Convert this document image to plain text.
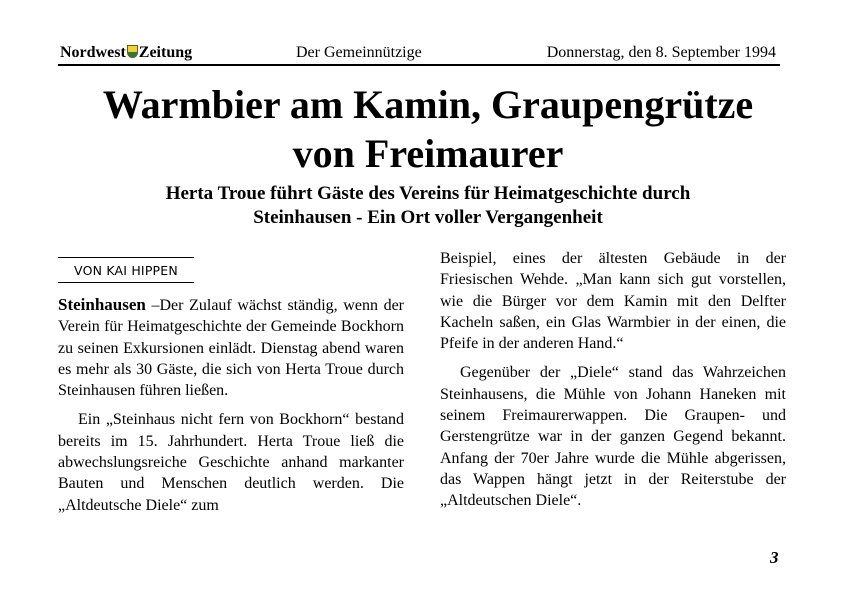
Nordwest Zeitung	Der Gemeinnützige	Donnerstag, den 8. September 1994
Warmbier am Kamin, Graupengrütze
von Freimaurer
Herta Troue führt Gäste des Vereins für Heimatgeschichte durch
Steinhausen - Ein Ort voller Vergangenheit
VON KAI HIPPEN

Steinhausen –Der Zulauf wächst ständig, wenn der Verein für Heimatgeschichte der Gemeinde Bockhorn zu seinen Exkursionen einlädt. Dienstag abend waren es mehr als 30 Gäste, die sich von Herta Troue durch Steinhausen führen ließen.

Ein „Steinhaus nicht fern von Bockhorn“ bestand bereits im 15. Jahrhundert. Herta Troue ließ die abwechslungsreiche Geschichte anhand markanter Bauten und Menschen deutlich werden. Die „Altdeutsche Diele“ zum

Beispiel, eines der ältesten Gebäude in der Friesischen Wehde. „Man kann sich gut vorstellen, wie die Bürger vor dem Kamin mit den Delfter Kacheln saßen, ein Glas Warmbier in der einen, die Pfeife in der anderen Hand.“

Gegenüber der „Diele“ stand das Wahrzeichen Steinhausens, die Mühle von Johann Haneken mit seinem Freimaurerwappen. Die Graupen- und Gerstengrütze war in der ganzen Gegend bekannt. Anfang der 70er Jahre wurde die Mühle abgerissen, das Wappen hängt jetzt in der Reiterstube der „Altdeutschen Diele“.

3
